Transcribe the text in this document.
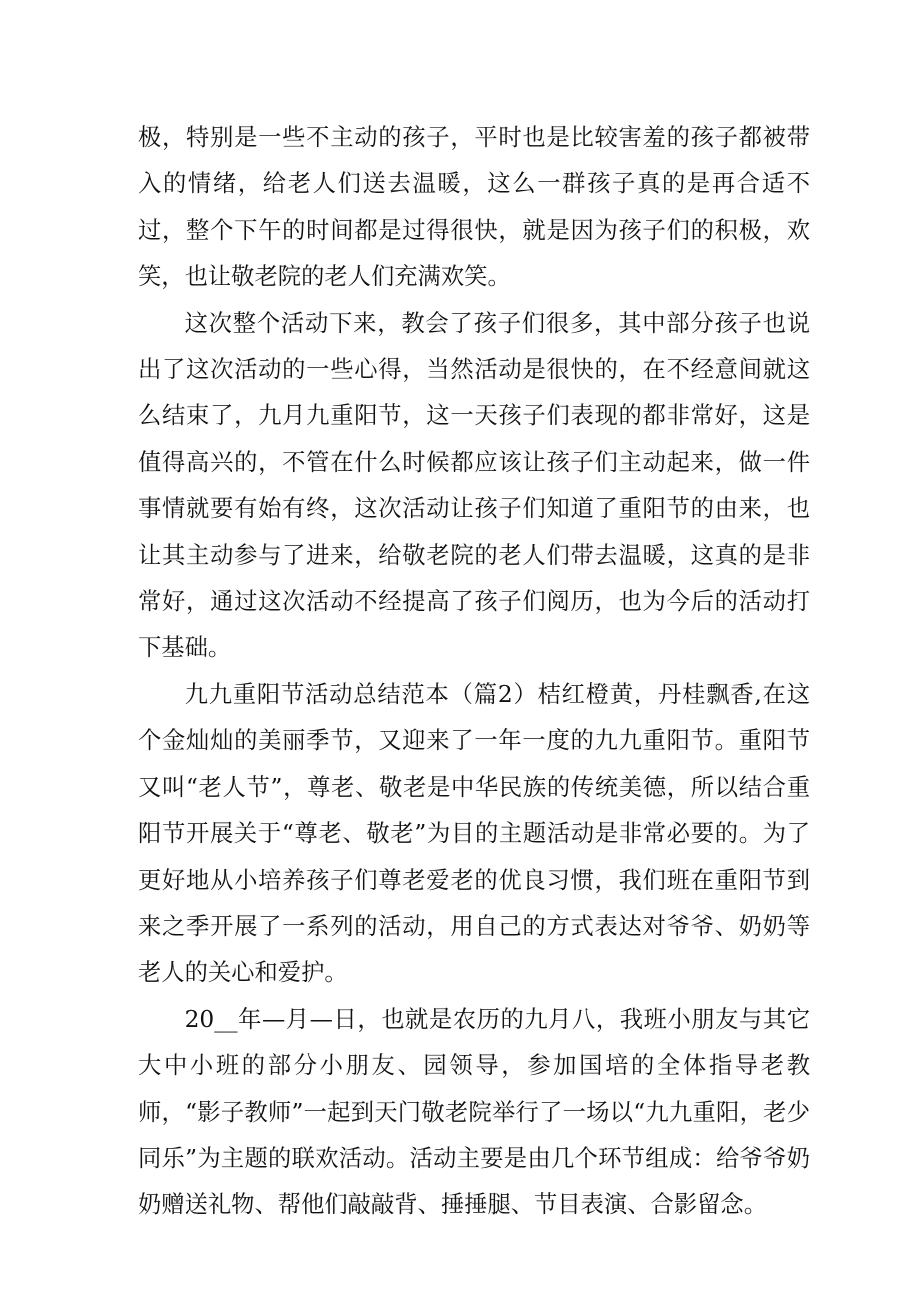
极，特别是一些不主动的孩子，平时也是比较害羞的孩子都被带入的情绪，给老人们送去温暖，这么一群孩子真的是再合适不过，整个下午的时间都是过得很快，就是因为孩子们的积极，欢笑，也让敬老院的老人们充满欢笑。

这次整个活动下来，教会了孩子们很多，其中部分孩子也说出了这次活动的一些心得，当然活动是很快的，在不经意间就这么结束了，九月九重阳节，这一天孩子们表现的都非常好，这是值得高兴的，不管在什么时候都应该让孩子们主动起来，做一件事情就要有始有终，这次活动让孩子们知道了重阳节的由来，也让其主动参与了进来，给敬老院的老人们带去温暖，这真的是非常好，通过这次活动不经提高了孩子们阅历，也为今后的活动打下基础。

九九重阳节活动总结范本（篇2）桔红橙黄，丹桂飘香,在这个金灿灿的美丽季节，又迎来了一年一度的九九重阳节。重阳节又叫“老人节”，尊老、敬老是中华民族的传统美德，所以结合重阳节开展关于“尊老、敬老”为目的主题活动是非常必要的。为了更好地从小培养孩子们尊老爱老的优良习惯，我们班在重阳节到来之季开展了一系列的活动，用自己的方式表达对爷爷、奶奶等老人的关心和爱护。

20__年—月—日，也就是农历的九月八，我班小朋友与其它大中小班的部分小朋友、园领导，参加国培的全体指导老教师，“影子教师”一起到天门敬老院举行了一场以“九九重阳，老少同乐”为主题的联欢活动。活动主要是由几个环节组成：给爷爷奶奶赠送礼物、帮他们敲敲背、捶捶腿、节目表演、合影留念。
